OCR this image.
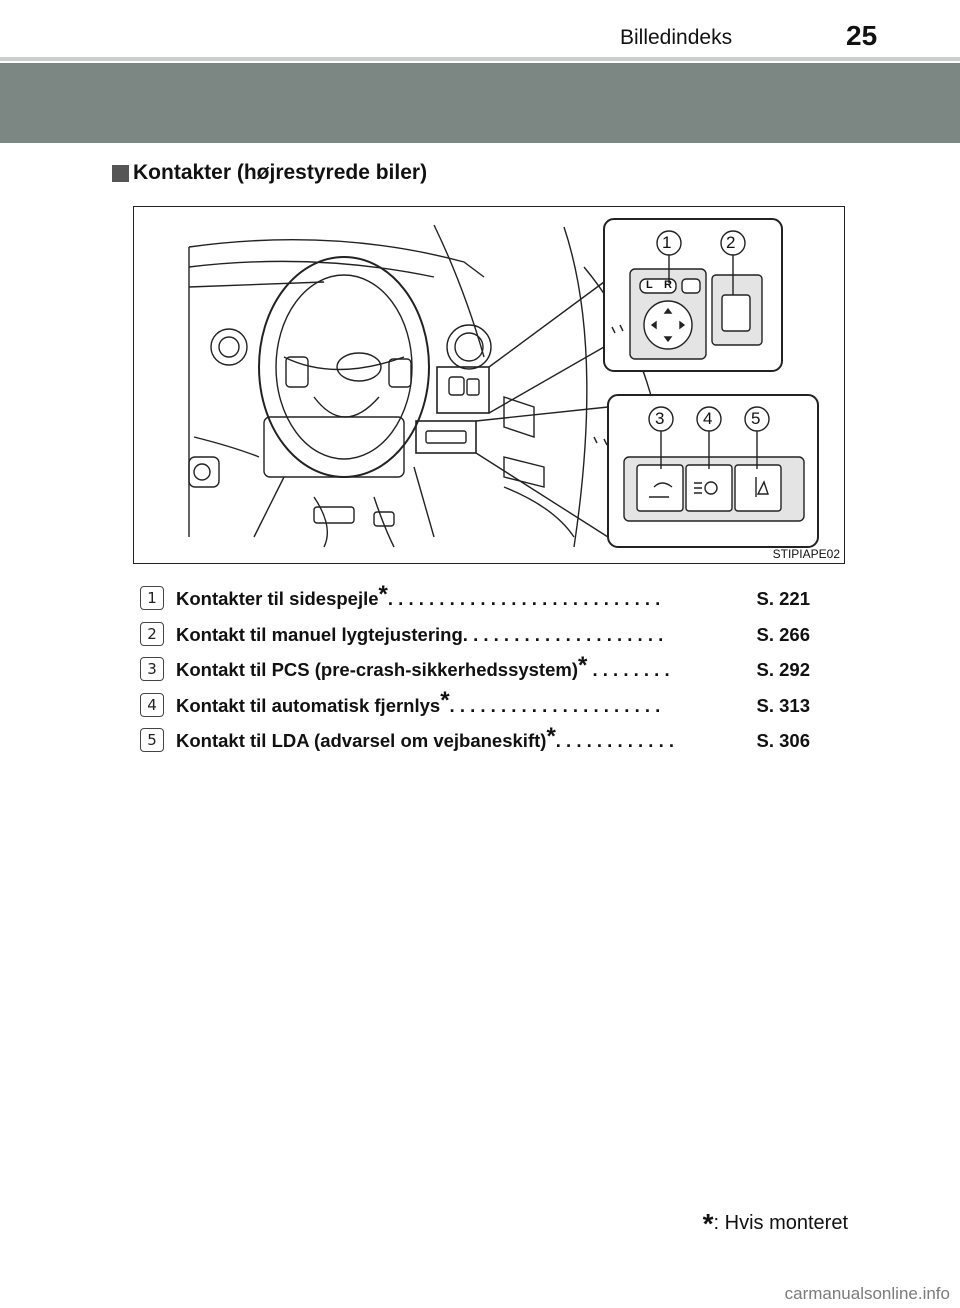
Billedindeks	25
Kontakter (højrestyrede biler)
1	2
3 4 5
L R
STIPIAPE02
1	Kontakter til sidespejle*. . . . . . . . . . . . . . . . . . . . . . . . . . .	S. 221
2	Kontakt til manuel lygtejustering. . . . . . . . . . . . . . . . . . . .	S. 266
3	Kontakt til PCS (pre-crash-sikkerhedssystem)* . . . . . . . .	S. 292
4	Kontakt til automatisk fjernlys*. . . . . . . . . . . . . . . . . . . . .	S. 313
5	Kontakt til LDA (advarsel om vejbaneskift)*. . . . . . . . . . . .	S. 306
*: Hvis monteret
carmanualsonline.info
